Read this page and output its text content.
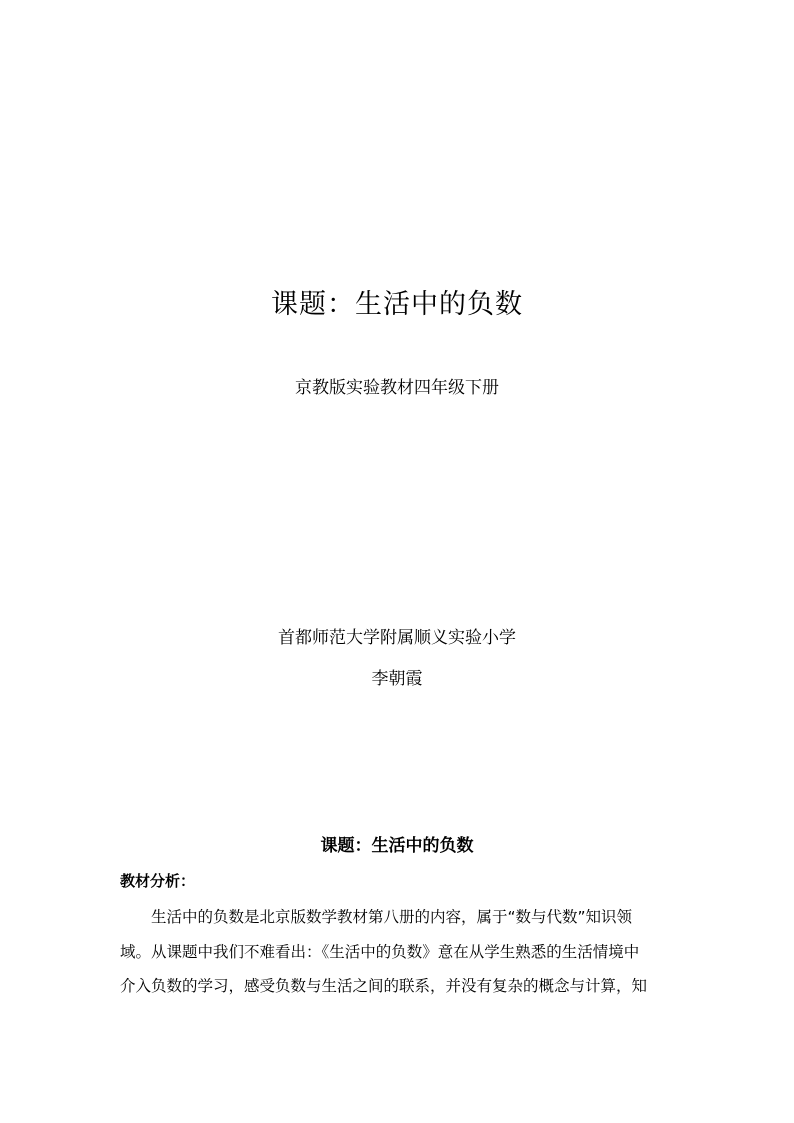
课题：生活中的负数
京教版实验教材四年级下册
首都师范大学附属顺义实验小学
李朝霞
课题：生活中的负数
教材分析：
生活中的负数是北京版数学教材第八册的内容，属于“数与代数”知识领
域。从课题中我们不难看出：《生活中的负数》意在从学生熟悉的生活情境中
介入负数的学习，感受负数与生活之间的联系，并没有复杂的概念与计算，知
